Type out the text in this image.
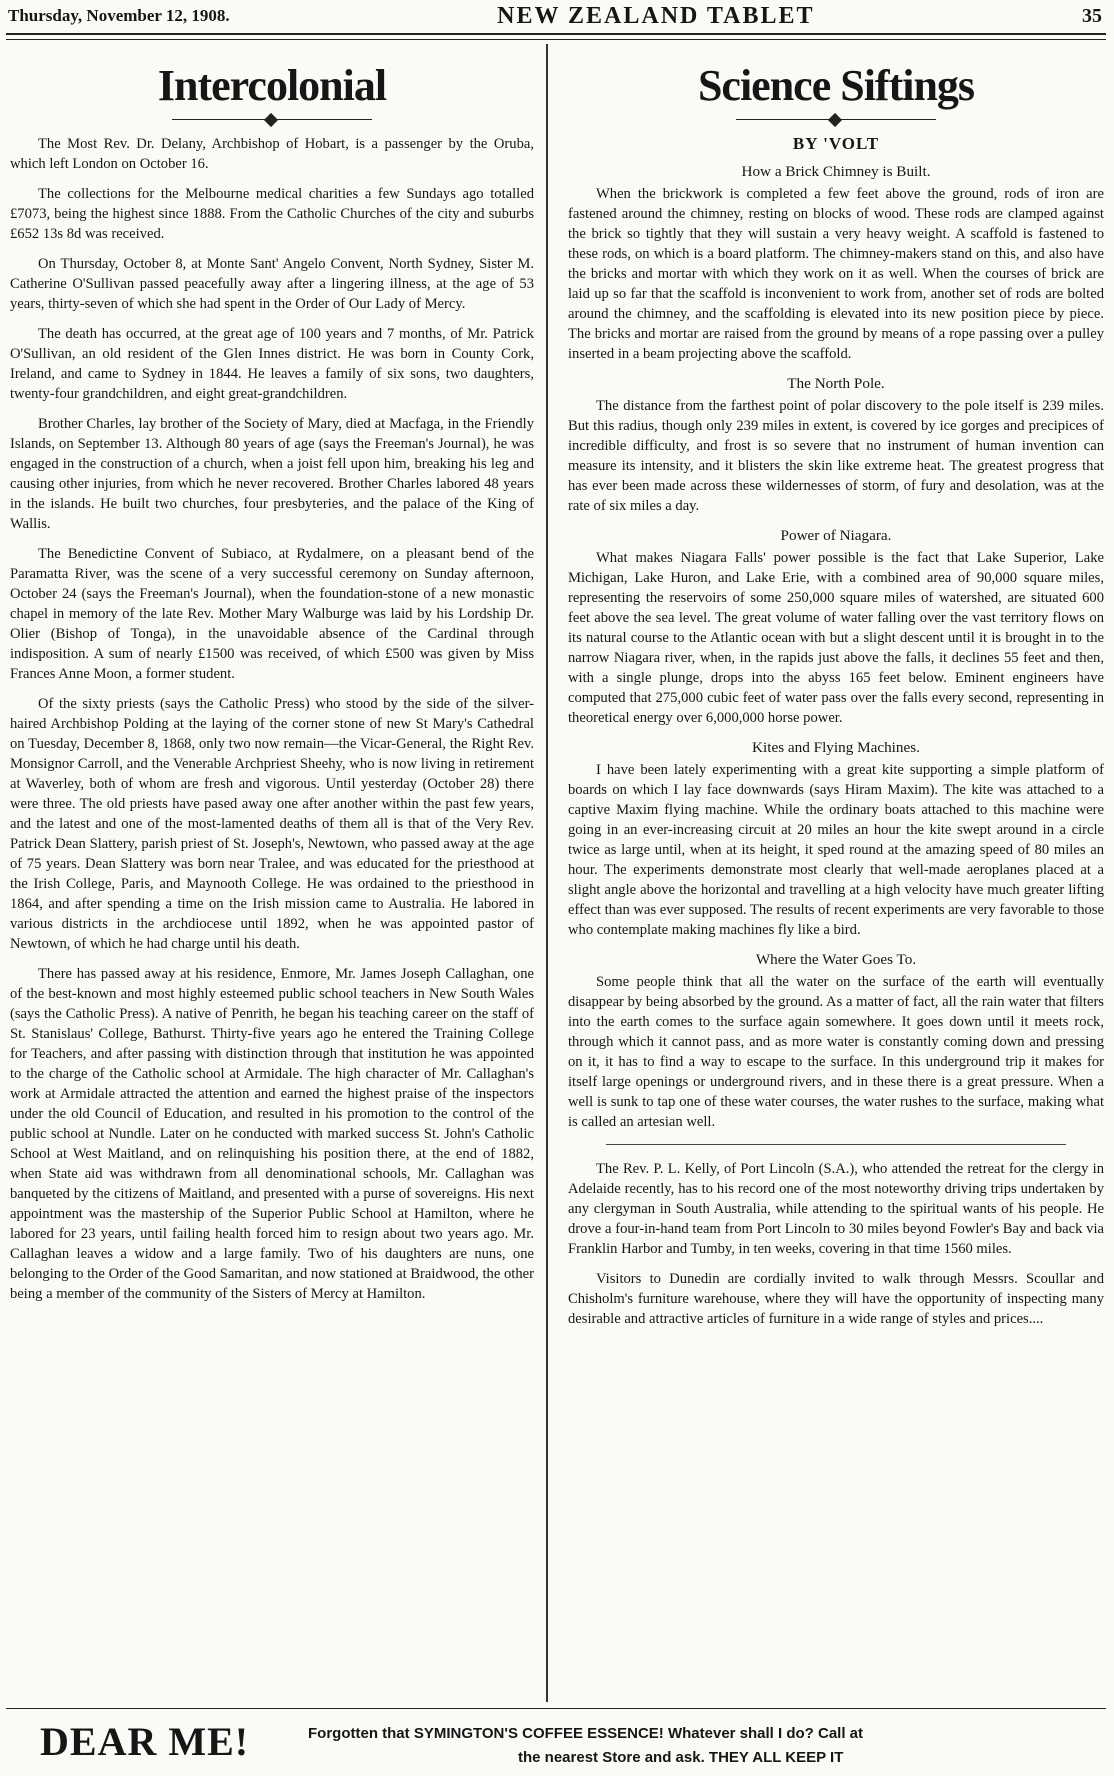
Thursday, November 12, 1908.	NEW ZEALAND TABLET	35
Intercolonial

The Most Rev. Dr. Delany, Archbishop of Hobart, is a passenger by the Oruba, which left London on October 16.

The collections for the Melbourne medical charities a few Sundays ago totalled £7073, being the highest since 1888. From the Catholic Churches of the city and suburbs £652 13s 8d was received.

On Thursday, October 8, at Monte Sant' Angelo Convent, North Sydney, Sister M. Catherine O'Sullivan passed peacefully away after a lingering illness, at the age of 53 years, thirty-seven of which she had spent in the Order of Our Lady of Mercy.

The death has occurred, at the great age of 100 years and 7 months, of Mr. Patrick O'Sullivan, an old resident of the Glen Innes district. He was born in County Cork, Ireland, and came to Sydney in 1844. He leaves a family of six sons, two daughters, twenty-four grandchildren, and eight great-grandchildren.

Brother Charles, lay brother of the Society of Mary, died at Macfaga, in the Friendly Islands, on September 13. Although 80 years of age (says the Freeman's Journal), he was engaged in the construction of a church, when a joist fell upon him, breaking his leg and causing other injuries, from which he never recovered. Brother Charles labored 48 years in the islands. He built two churches, four presbyteries, and the palace of the King of Wallis.

The Benedictine Convent of Subiaco, at Rydalmere, on a pleasant bend of the Paramatta River, was the scene of a very successful ceremony on Sunday afternoon, October 24 (says the Freeman's Journal), when the foundation-stone of a new monastic chapel in memory of the late Rev. Mother Mary Walburge was laid by his Lordship Dr. Olier (Bishop of Tonga), in the unavoidable absence of the Cardinal through indisposition. A sum of nearly £1500 was received, of which £500 was given by Miss Frances Anne Moon, a former student.

Of the sixty priests (says the Catholic Press) who stood by the side of the silver-haired Archbishop Polding at the laying of the corner stone of new St Mary's Cathedral on Tuesday, December 8, 1868, only two now remain—the Vicar-General, the Right Rev. Monsignor Carroll, and the Venerable Archpriest Sheehy, who is now living in retirement at Waverley, both of whom are fresh and vigorous. Until yesterday (October 28) there were three. The old priests have pased away one after another within the past few years, and the latest and one of the most-lamented deaths of them all is that of the Very Rev. Patrick Dean Slattery, parish priest of St. Joseph's, Newtown, who passed away at the age of 75 years. Dean Slattery was born near Tralee, and was educated for the priesthood at the Irish College, Paris, and Maynooth College. He was ordained to the priesthood in 1864, and after spending a time on the Irish mission came to Australia. He labored in various districts in the archdiocese until 1892, when he was appointed pastor of Newtown, of which he had charge until his death.

There has passed away at his residence, Enmore, Mr. James Joseph Callaghan, one of the best-known and most highly esteemed public school teachers in New South Wales (says the Catholic Press). A native of Penrith, he began his teaching career on the staff of St. Stanislaus' College, Bathurst. Thirty-five years ago he entered the Training College for Teachers, and after passing with distinction through that institution he was appointed to the charge of the Catholic school at Armidale. The high character of Mr. Callaghan's work at Armidale attracted the attention and earned the highest praise of the inspectors under the old Council of Education, and resulted in his promotion to the control of the public school at Nundle. Later on he conducted with marked success St. John's Catholic School at West Maitland, and on relinquishing his position there, at the end of 1882, when State aid was withdrawn from all denominational schools, Mr. Callaghan was banqueted by the citizens of Maitland, and presented with a purse of sovereigns. His next appointment was the mastership of the Superior Public School at Hamilton, where he labored for 23 years, until failing health forced him to resign about two years ago. Mr. Callaghan leaves a widow and a large family. Two of his daughters are nuns, one belonging to the Order of the Good Samaritan, and now stationed at Braidwood, the other being a member of the community of the Sisters of Mercy at Hamilton.

Science Siftings
BY 'VOLT
How a Brick Chimney is Built.

When the brickwork is completed a few feet above the ground, rods of iron are fastened around the chimney, resting on blocks of wood. These rods are clamped against the brick so tightly that they will sustain a very heavy weight. A scaffold is fastened to these rods, on which is a board platform. The chimney-makers stand on this, and also have the bricks and mortar with which they work on it as well. When the courses of brick are laid up so far that the scaffold is inconvenient to work from, another set of rods are bolted around the chimney, and the scaffolding is elevated into its new position piece by piece. The bricks and mortar are raised from the ground by means of a rope passing over a pulley inserted in a beam projecting above the scaffold.

The North Pole.

The distance from the farthest point of polar discovery to the pole itself is 239 miles. But this radius, though only 239 miles in extent, is covered by ice gorges and precipices of incredible difficulty, and frost is so severe that no instrument of human invention can measure its intensity, and it blisters the skin like extreme heat. The greatest progress that has ever been made across these wildernesses of storm, of fury and desolation, was at the rate of six miles a day.

Power of Niagara.

What makes Niagara Falls' power possible is the fact that Lake Superior, Lake Michigan, Lake Huron, and Lake Erie, with a combined area of 90,000 square miles, representing the reservoirs of some 250,000 square miles of watershed, are situated 600 feet above the sea level. The great volume of water falling over the vast territory flows on its natural course to the Atlantic ocean with but a slight descent until it is brought in to the narrow Niagara river, when, in the rapids just above the falls, it declines 55 feet and then, with a single plunge, drops into the abyss 165 feet below. Eminent engineers have computed that 275,000 cubic feet of water pass over the falls every second, representing in theoretical energy over 6,000,000 horse power.

Kites and Flying Machines.

I have been lately experimenting with a great kite supporting a simple platform of boards on which I lay face downwards (says Hiram Maxim). The kite was attached to a captive Maxim flying machine. While the ordinary boats attached to this machine were going in an ever-increasing circuit at 20 miles an hour the kite swept around in a circle twice as large until, when at its height, it sped round at the amazing speed of 80 miles an hour. The experiments demonstrate most clearly that well-made aeroplanes placed at a slight angle above the horizontal and travelling at a high velocity have much greater lifting effect than was ever supposed. The results of recent experiments are very favorable to those who contemplate making machines fly like a bird.

Where the Water Goes To.

Some people think that all the water on the surface of the earth will eventually disappear by being absorbed by the ground. As a matter of fact, all the rain water that filters into the earth comes to the surface again somewhere. It goes down until it meets rock, through which it cannot pass, and as more water is constantly coming down and pressing on it, it has to find a way to escape to the surface. In this underground trip it makes for itself large openings or underground rivers, and in these there is a great pressure. When a well is sunk to tap one of these water courses, the water rushes to the surface, making what is called an artesian well.

The Rev. P. L. Kelly, of Port Lincoln (S.A.), who attended the retreat for the clergy in Adelaide recently, has to his record one of the most noteworthy driving trips undertaken by any clergyman in South Australia, while attending to the spiritual wants of his people. He drove a four-in-hand team from Port Lincoln to 30 miles beyond Fowler's Bay and back via Franklin Harbor and Tumby, in ten weeks, covering in that time 1560 miles.

Visitors to Dunedin are cordially invited to walk through Messrs. Scoullar and Chisholm's furniture warehouse, where they will have the opportunity of inspecting many desirable and attractive articles of furniture in a wide range of styles and prices....

DEAR ME!	Forgotten that SYMINGTON'S COFFEE ESSENCE! Whatever shall I do? Call at
the nearest Store and ask. THEY ALL KEEP IT
